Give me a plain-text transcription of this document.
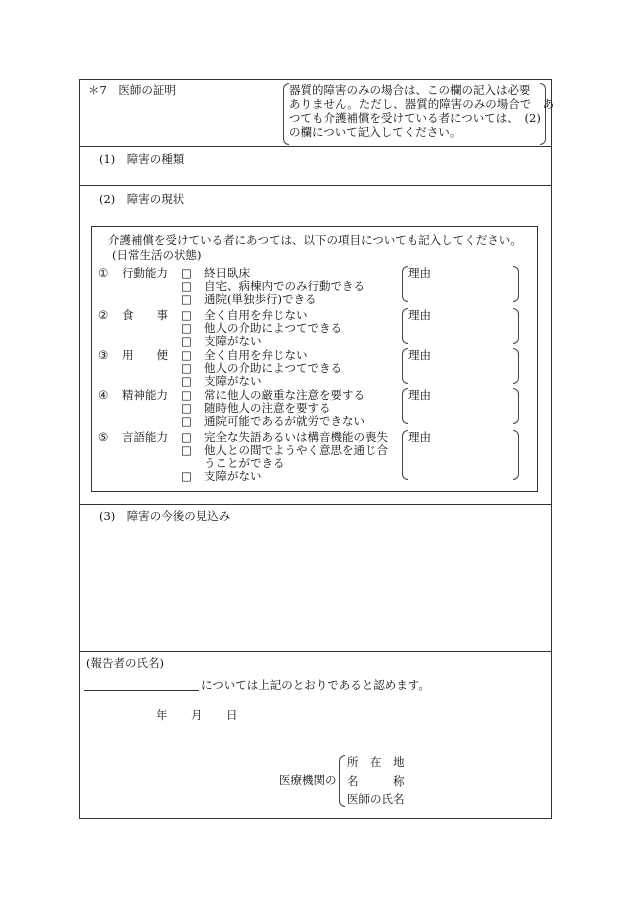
＊7　医師の証明	器質的障害のみの場合は、この欄の記入は必要
ありません。ただし、器質的障害のみの場合で　あ
つても介護補償を受けている者については、　(2)
の欄について記入してください。
(1)　障害の種類
(2)　障害の現状
介護補償を受けている者にあつては、以下の項目についても記入してください。
(日常生活の状態)
① 行動能力 □ 終日臥床
□ 自宅、病棟内でのみ行動できる
□ 通院(単独歩行)できる
理由
② 食　　事 □ 全く自用を弁じない
□ 他人の介助によつてできる
□ 支障がない
理由
③ 用　　便 □ 全く自用を弁じない
□ 他人の介助によつてできる
□ 支障がない
理由
④ 精神能力 □ 常に他人の厳重な注意を要する
□ 随時他人の注意を要する
□ 通院可能であるが就労できない
理由
⑤ 言語能力 □ 完全な失語あるいは構音機能の喪失
□ 他人との間でようやく意思を通じ合
うことができる
□ 支障がない
理由
(3)　障害の今後の見込み
(報告者の氏名)
については上記のとおりであると認めます。
年 月 日
医療機関の
所　在　地
名　　　称
医師の氏名
